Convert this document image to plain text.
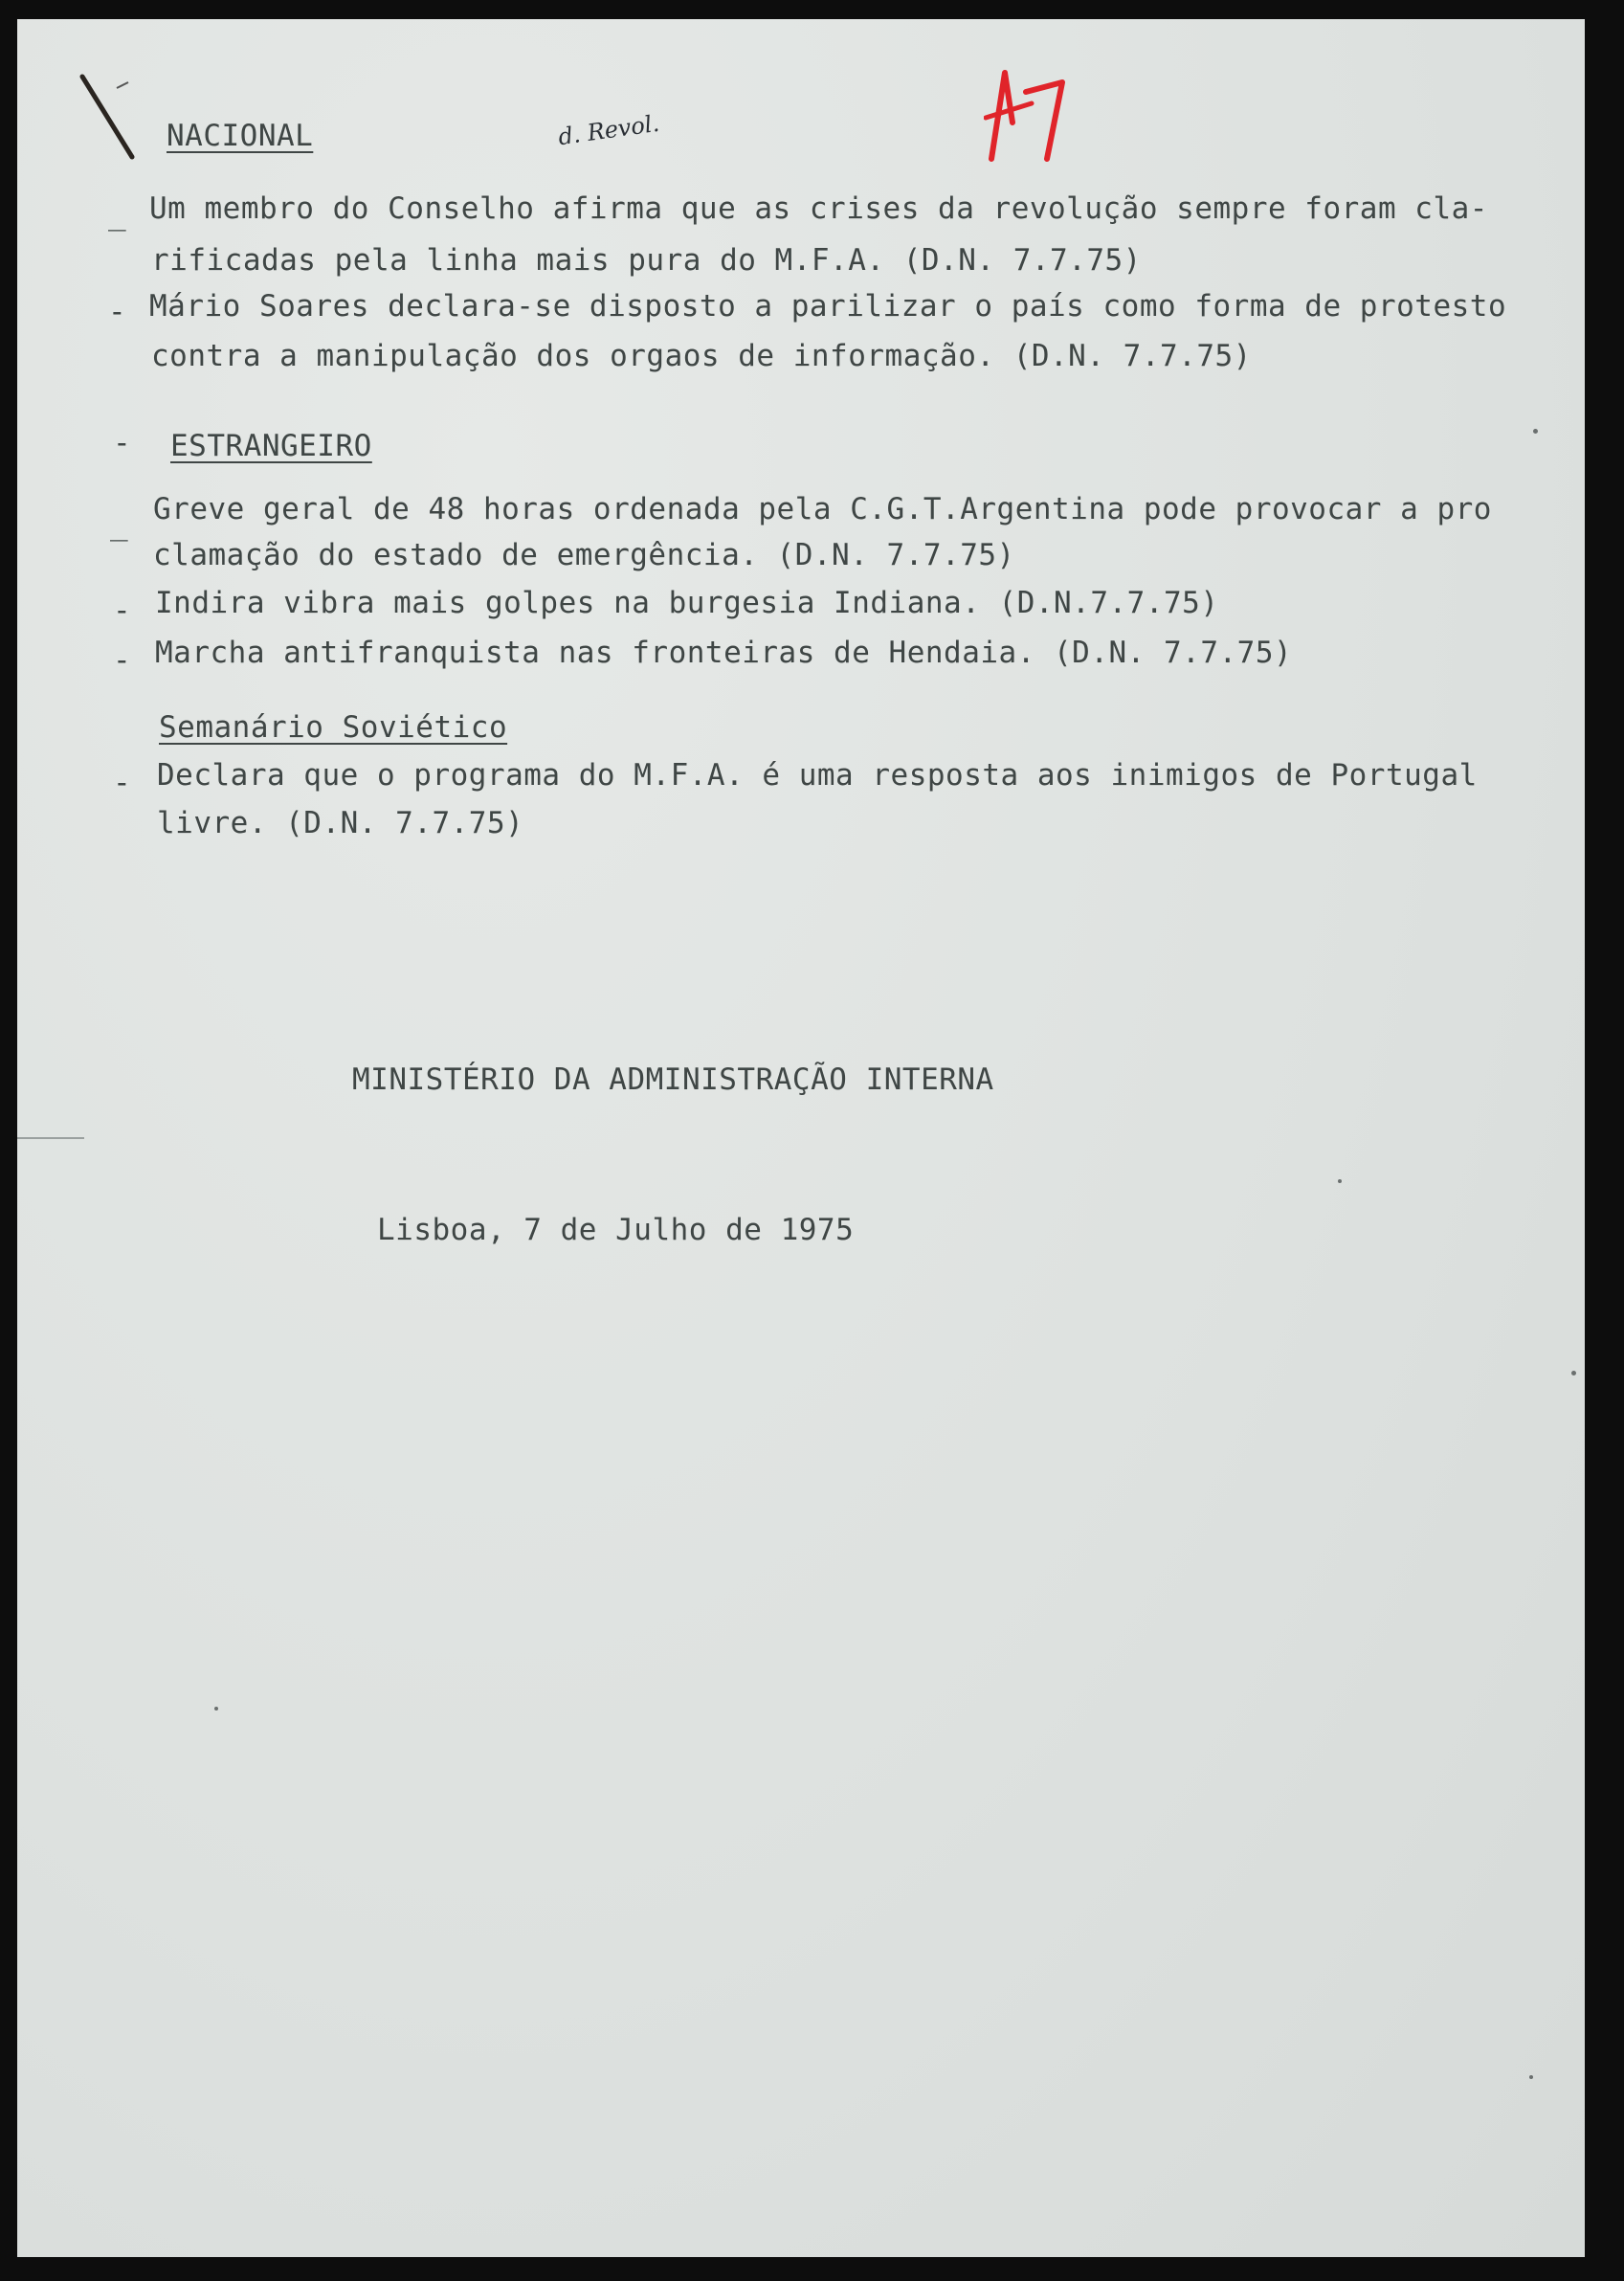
d. Revol.
NACIONAL
_ Um membro do Conselho afirma que as crises da revolução sempre foram cla-
rificadas pela linha mais pura do M.F.A. (D.N. 7.7.75)
- Mário Soares declara-se disposto a parilizar o país como forma de protesto
contra a manipulação dos orgaos de informação. (D.N. 7.7.75)
- ESTRANGEIRO
_ Greve geral de 48 horas ordenada pela C.G.T.Argentina pode provocar a pro
clamação do estado de emergência. (D.N. 7.7.75)
- Indira vibra mais golpes na burgesia Indiana. (D.N.7.7.75)
- Marcha antifranquista nas fronteiras de Hendaia. (D.N. 7.7.75)
Semanário Soviético
- Declara que o programa do M.F.A. é uma resposta aos inimigos de Portugal
livre. (D.N. 7.7.75)
MINISTÉRIO DA ADMINISTRAÇÃO INTERNA
Lisboa, 7 de Julho de 1975
